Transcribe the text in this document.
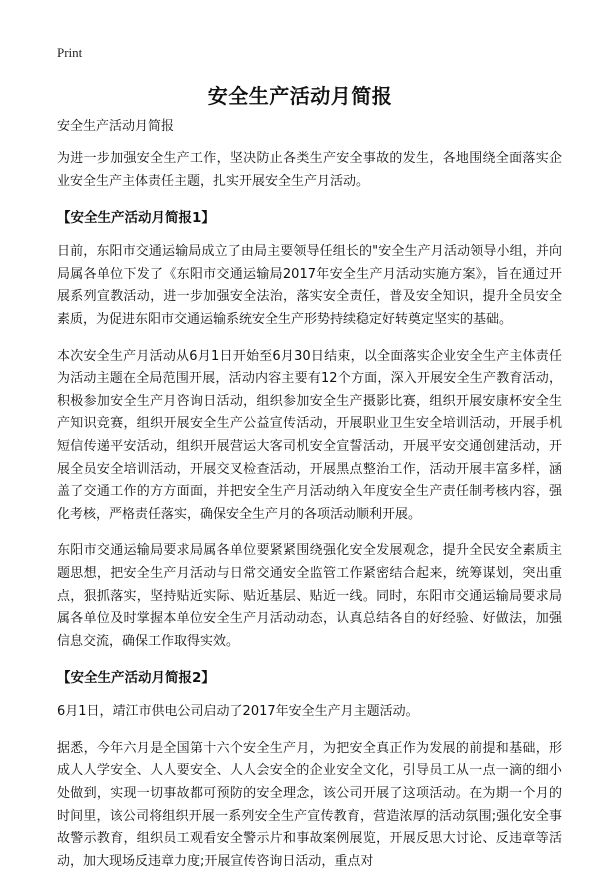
Print
安全生产活动月简报
安全生产活动月简报

为进一步加强安全生产工作，坚决防止各类生产安全事故的发生，各地围绕全面落实企业安全生产主体责任主题，扎实开展安全生产月活动。

【安全生产活动月简报1】

日前，东阳市交通运输局成立了由局主要领导任组长的"安全生产月活动领导小组，并向局属各单位下发了《东阳市交通运输局2017年安全生产月活动实施方案》，旨在通过开展系列宣教活动，进一步加强安全法治，落实安全责任，普及安全知识，提升全员安全素质，为促进东阳市交通运输系统安全生产形势持续稳定好转奠定坚实的基础。

本次安全生产月活动从6月1日开始至6月30日结束，以全面落实企业安全生产主体责任为活动主题在全局范围开展，活动内容主要有12个方面，深入开展安全生产教育活动，积极参加安全生产月咨询日活动，组织参加安全生产摄影比赛，组织开展安康杯安全生产知识竞赛，组织开展安全生产公益宣传活动，开展职业卫生安全培训活动，开展手机短信传递平安活动，组织开展营运大客司机安全宣誓活动，开展平安交通创建活动，开展全员安全培训活动，开展交叉检查活动，开展黑点整治工作，活动开展丰富多样，涵盖了交通工作的方方面面，并把安全生产月活动纳入年度安全生产责任制考核内容，强化考核，严格责任落实，确保安全生产月的各项活动顺利开展。

东阳市交通运输局要求局属各单位要紧紧围绕强化安全发展观念，提升全民安全素质主题思想，把安全生产月活动与日常交通安全监管工作紧密结合起来，统筹谋划，突出重点，狠抓落实，坚持贴近实际、贴近基层、贴近一线。同时，东阳市交通运输局要求局属各单位及时掌握本单位安全生产月活动动态，认真总结各自的好经验、好做法，加强信息交流，确保工作取得实效。

【安全生产活动月简报2】

6月1日，靖江市供电公司启动了2017年安全生产月主题活动。

据悉，今年六月是全国第十六个安全生产月，为把安全真正作为发展的前提和基础，形成人人学安全、人人要安全、人人会安全的企业安全文化，引导员工从一点一滴的细小处做到，实现一切事故都可预防的安全理念，该公司开展了这项活动。在为期一个月的时间里，该公司将组织开展一系列安全生产宣传教育，营造浓厚的活动氛围;强化安全事故警示教育，组织员工观看安全警示片和事故案例展览，开展反思大讨论、反违章等活动，加大现场反违章力度;开展宣传咨询日活动，重点对
